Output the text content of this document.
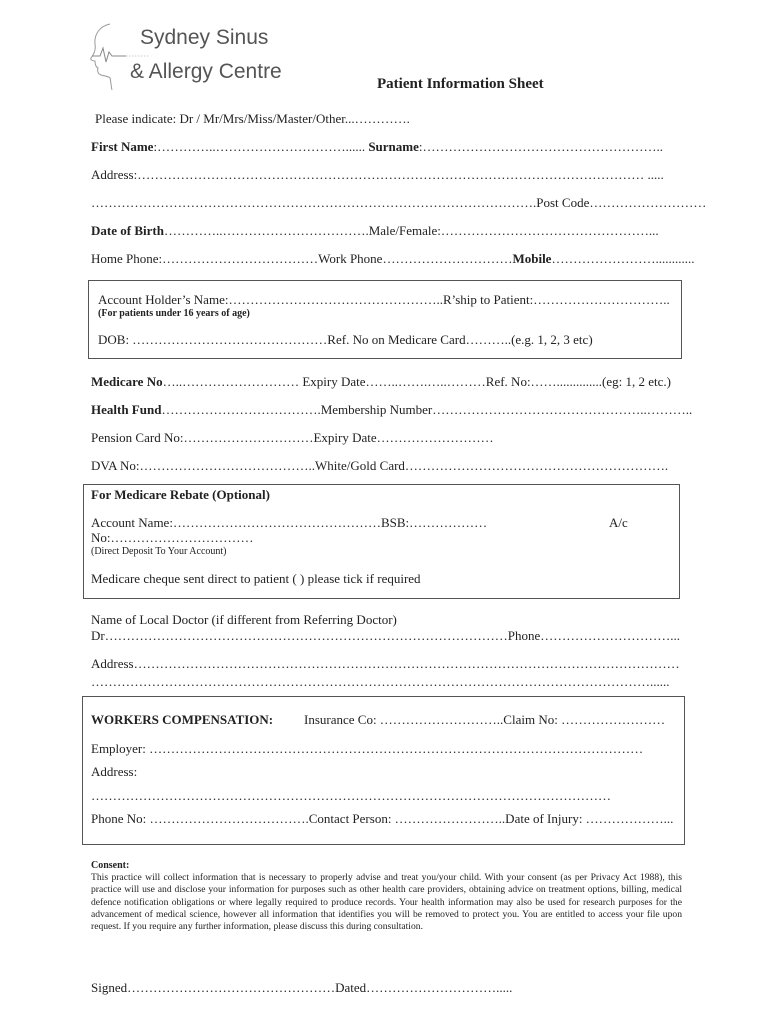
Sydney Sinus
& Allergy Centre
Patient Information Sheet
Please indicate: Dr / Mr/Mrs/Miss/Master/Other...………….
First Name:…………..…………………………...... Surname:………………………………………………..
Address:……………………………………………………………………………………………………… .....
………………………………………………………………………………………….Post Code………………………
Date of Birth…………..…………………………….Male/Female:…………………………………………...
Home Phone:………………………………Work Phone…………………………Mobile……………………............
Account Holder’s Name:…………………………………………..R’ship to Patient:…………………………..
(For patients under 16 years of age)
DOB: ………………………………………Ref. No on Medicare Card………..(e.g. 1, 2, 3 etc)
Medicare No…..……………………… Expiry Date……..…….…..………Ref. No:……..............(eg: 1, 2 etc.)
Health Fund……………………………….Membership Number…………………………………………..………..
Pension Card No:…………………………Expiry Date………………………
DVA No:…………………………………..White/Gold Card…………………………………………………….
For Medicare Rebate (Optional)
Account Name:…………………………………………BSB:………………	A/c
No:……………………………
(Direct Deposit To Your Account)
Medicare cheque sent direct to patient ( ) please tick if required
Name of Local Doctor (if different from Referring Doctor)
Dr…………………………………………………………………………………Phone…………………………...
Address………………………………………………………………………………………………………………
…………………………………………………………………………………………………………………......
WORKERS COMPENSATION: Insurance Co: ………………………..Claim No: ……………………
Employer: ……………………………………………………………………………………………………
Address:
…………………………………………………………………………………………………………
Phone No: ……………………………….Contact Person: ……………………..Date of Injury: ………………...
Consent:
This practice will collect information that is necessary to properly advise and treat you/your child. With your consent (as per Privacy Act 1988), this practice will use and disclose your information for purposes such as other health care providers, obtaining advice on treatment options, billing, medical defence notification obligations or where legally required to produce records. Your health information may also be used for research purposes for the advancement of medical science, however all information that identifies you will be removed to protect you. You are entitled to access your file upon request. If you require any further information, please discuss this during consultation.
Signed…………………………………………Dated………………………….....
